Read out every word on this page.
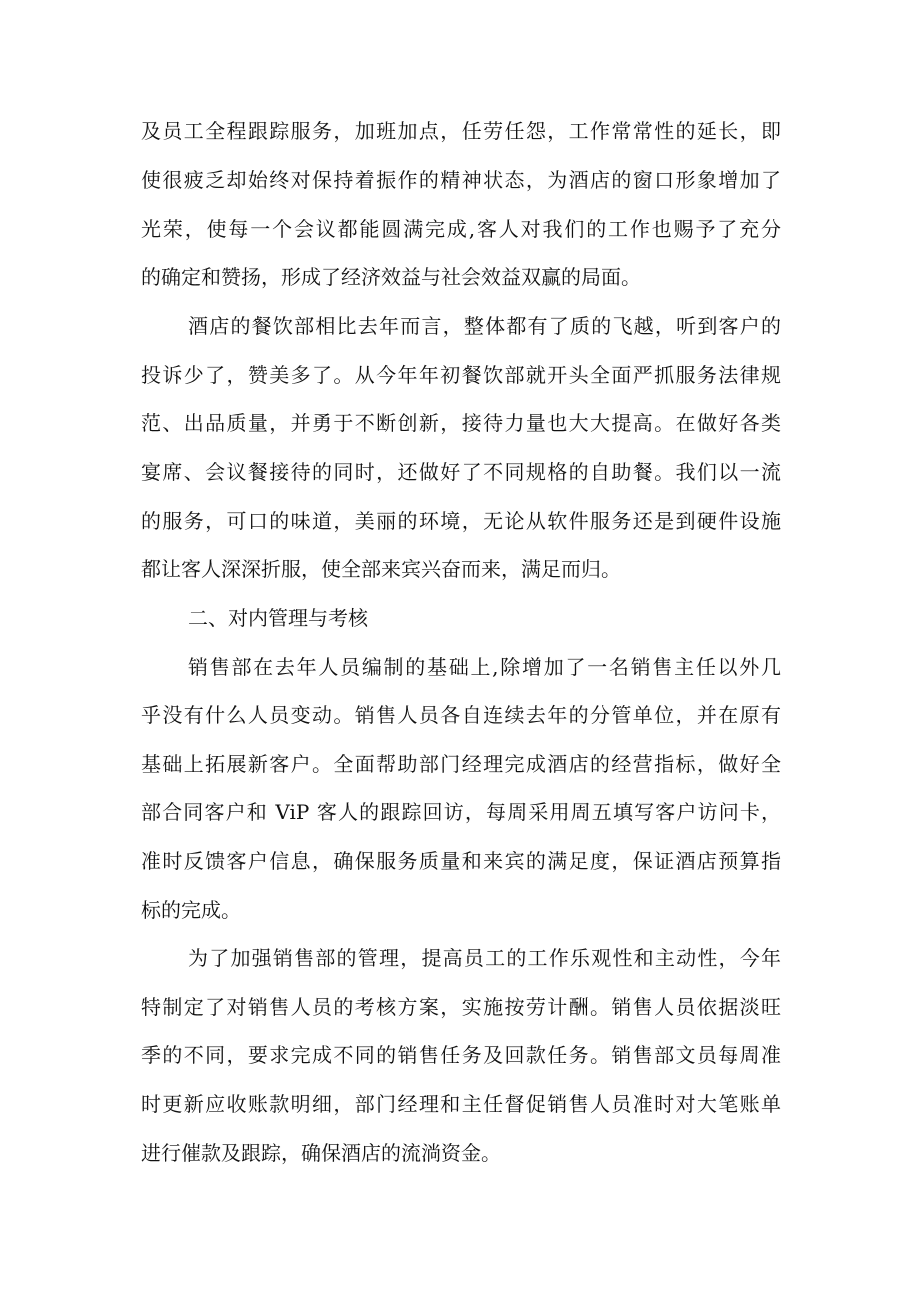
及员工全程跟踪服务，加班加点，任劳任怨，工作常常性的延长，即
使很疲乏却始终对保持着振作的精神状态，为酒店的窗口形象增加了
光荣，使每一个会议都能圆满完成,客人对我们的工作也赐予了充分
的确定和赞扬，形成了经济效益与社会效益双赢的局面。
酒店的餐饮部相比去年而言，整体都有了质的飞越，听到客户的
投诉少了，赞美多了。从今年年初餐饮部就开头全面严抓服务法律规
范、出品质量，并勇于不断创新，接待力量也大大提高。在做好各类
宴席、会议餐接待的同时，还做好了不同规格的自助餐。我们以一流
的服务，可口的味道，美丽的环境，无论从软件服务还是到硬件设施
都让客人深深折服，使全部来宾兴奋而来，满足而归。
二、对内管理与考核
销售部在去年人员编制的基础上,除增加了一名销售主任以外几
乎没有什么人员变动。销售人员各自连续去年的分管单位，并在原有
基础上拓展新客户。全面帮助部门经理完成酒店的经营指标，做好全
部合同客户和 ViP 客人的跟踪回访，每周采用周五填写客户访问卡，
准时反馈客户信息，确保服务质量和来宾的满足度，保证酒店预算指
标的完成。
为了加强销售部的管理，提高员工的工作乐观性和主动性，今年
特制定了对销售人员的考核方案，实施按劳计酬。销售人员依据淡旺
季的不同，要求完成不同的销售任务及回款任务。销售部文员每周准
时更新应收账款明细，部门经理和主任督促销售人员准时对大笔账单
进行催款及跟踪，确保酒店的流淌资金。
